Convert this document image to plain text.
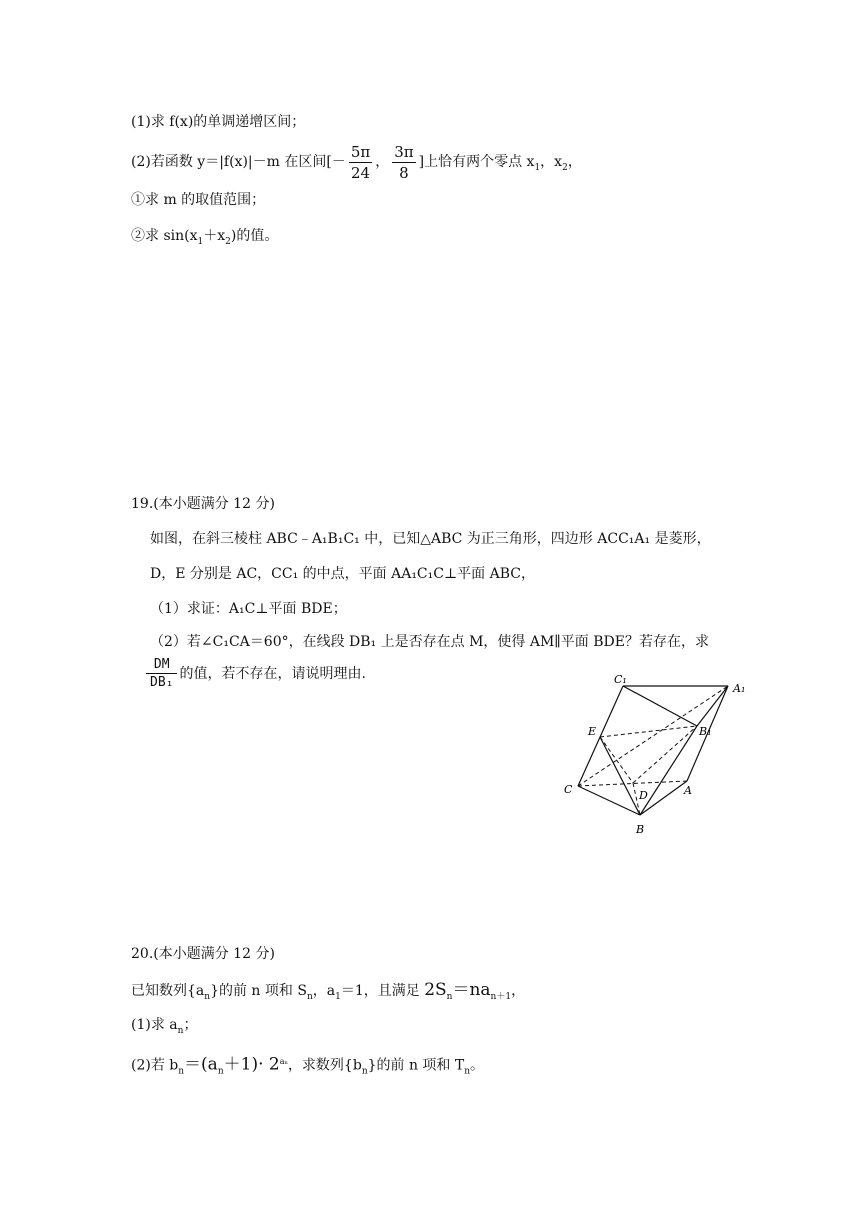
(1)求 f(x)的单调递增区间；
(2)若函数 y＝|f(x)|－m 在区间[－ $\frac{5\pi}{24}$ ， $\frac{3\pi}{8}$ ]上恰有两个零点 $x_1$，$x_2$，
①求 m 的取值范围；
②求 $\sin(x_1+x_2)$的值。
19.(本小题满分 12 分)
如图，在斜三棱柱 ABC﹣A₁B₁C₁ 中，已知△ABC 为正三角形，四边形 ACC₁A₁ 是菱形，
D，E 分别是 AC，CC₁ 的中点，平面 AA₁C₁C⊥平面 ABC，
（1）求证：A₁C⊥平面 BDE；
（2）若∠C₁CA＝60°，在线段 DB₁ 上是否存在点 M，使得 AM∥平面 BDE？若存在，求
$\frac{DM}{\text{DB₁}}$ 的值，若不存在，请说明理由.	C₁
A₁
B₁
E
C	D	A
B
20.(本小题满分 12 分)
已知数列$\{a_n\}$的前 n 项和 $S_n$，$a_1=1$，且满足 $2S_n=na_{n+1}$，
(1)求 $a_n$；
(2)若 $b_n=(a_n+1)\cdot 2^{a_n}$，求数列$\{b_n\}$的前 n 项和 $T_n$。
